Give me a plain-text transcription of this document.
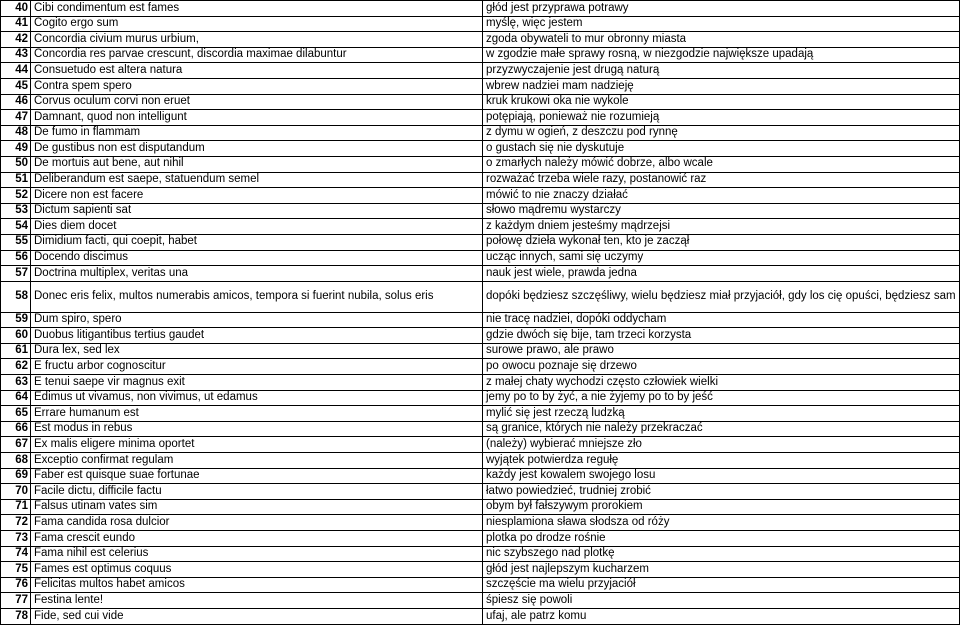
40	Cibi condimentum est fames	głód jest przyprawa potrawy
41	Cogito ergo sum	myślę, więc jestem
42	Concordia civium murus urbium,	zgoda obywateli to mur obronny miasta
43	Concordia res parvae crescunt, discordia maximae dilabuntur	w zgodzie małe sprawy rosną, w niezgodzie największe upadają
44	Consuetudo est altera natura	przyzwyczajenie jest drugą naturą
45	Contra spem spero	wbrew nadziei mam nadzieję
46	Corvus oculum corvi non eruet	kruk krukowi oka nie wykole
47	Damnant, quod non intelligunt	potępiają, ponieważ nie rozumieją
48	De fumo in flammam	z dymu w ogień, z deszczu pod rynnę
49	De gustibus non est disputandum	o gustach się nie dyskutuje
50	De mortuis aut bene, aut nihil	o zmarłych należy mówić dobrze, albo wcale
51	Deliberandum est saepe, statuendum semel	rozważać trzeba wiele razy, postanowić raz
52	Dicere non est facere	mówić to nie znaczy działać
53	Dictum sapienti sat	słowo mądremu wystarczy
54	Dies diem docet	z każdym dniem jesteśmy mądrzejsi
55	Dimidium facti, qui coepit, habet	połowę dzieła wykonał ten, kto je zaczął
56	Docendo discimus	ucząc innych, sami się uczymy
57	Doctrina multiplex, veritas una	nauk jest wiele, prawda jedna
58	Donec eris felix, multos numerabis amicos, tempora si fuerint nubila, solus eris	dopóki będziesz szczęśliwy, wielu będziesz miał przyjaciół, gdy los cię opuści, będziesz sam
59	Dum spiro, spero	nie tracę nadziei, dopóki oddycham
60	Duobus litigantibus tertius gaudet	gdzie dwóch się bije, tam trzeci korzysta
61	Dura lex, sed lex	surowe prawo, ale prawo
62	E fructu arbor cognoscitur	po owocu poznaje się drzewo
63	E tenui saepe vir magnus exit	z małej chaty wychodzi często człowiek wielki
64	Edimus ut vivamus, non vivimus, ut edamus	jemy po to by żyć, a nie żyjemy po to by jeść
65	Errare humanum est	mylić się jest rzeczą ludzką
66	Est modus in rebus	są granice, których nie należy przekraczać
67	Ex malis eligere minima oportet	(należy) wybierać mniejsze zło
68	Exceptio confirmat regulam	wyjątek potwierdza regułę
69	Faber est quisque suae fortunae	każdy jest kowalem swojego losu
70	Facile dictu, difficile factu	łatwo powiedzieć, trudniej zrobić
71	Falsus utinam vates sim	obym był fałszywym prorokiem
72	Fama candida rosa dulcior	niesplamiona sława słodsza od róży
73	Fama crescit eundo	plotka po drodze rośnie
74	Fama nihil est celerius	nic szybszego nad plotkę
75	Fames est optimus coquus	głód jest najlepszym kucharzem
76	Felicitas multos habet amicos	szczęście ma wielu przyjaciół
77	Festina lente!	śpiesz się powoli
78	Fide, sed cui vide	ufaj, ale patrz komu
